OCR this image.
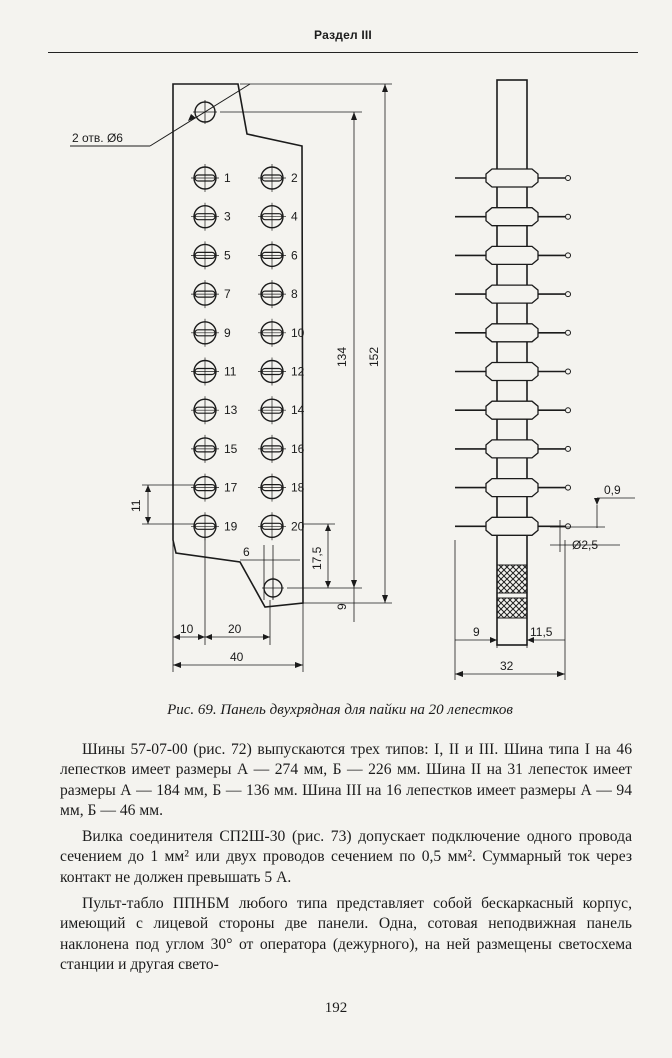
Раздел III
2 отв. Ø6
1
3
5
7
9
11
13
15
17
19
2
4
6
8
10
12
14
16
18
20
11
134 152
9
17,5
6
10	20
40
0,9
Ø2,5
9	11,5
32
Рис. 69. Панель двухрядная для пайки на 20 лепестков

Шины 57-07-00 (рис. 72) выпускаются трех типов: I, II и III. Шина типа I на 46 лепестков имеет размеры А — 274 мм, Б — 226 мм. Шина II на 31 лепесток имеет размеры А — 184 мм, Б — 136 мм. Шина III на 16 лепестков имеет размеры А — 94 мм, Б — 46 мм.

Вилка соединителя СП2Ш-30 (рис. 73) допускает подключение одного провода сечением до 1 мм² или двух проводов сечением по 0,5 мм². Суммарный ток через контакт не должен превышать 5 А.

Пульт-табло ППНБМ любого типа представляет собой бескаркасный корпус, имеющий с лицевой стороны две панели. Одна, сотовая неподвижная панель наклонена под углом 30° от оператора (дежурного), на ней размещены светосхема станции и другая свето-

192
